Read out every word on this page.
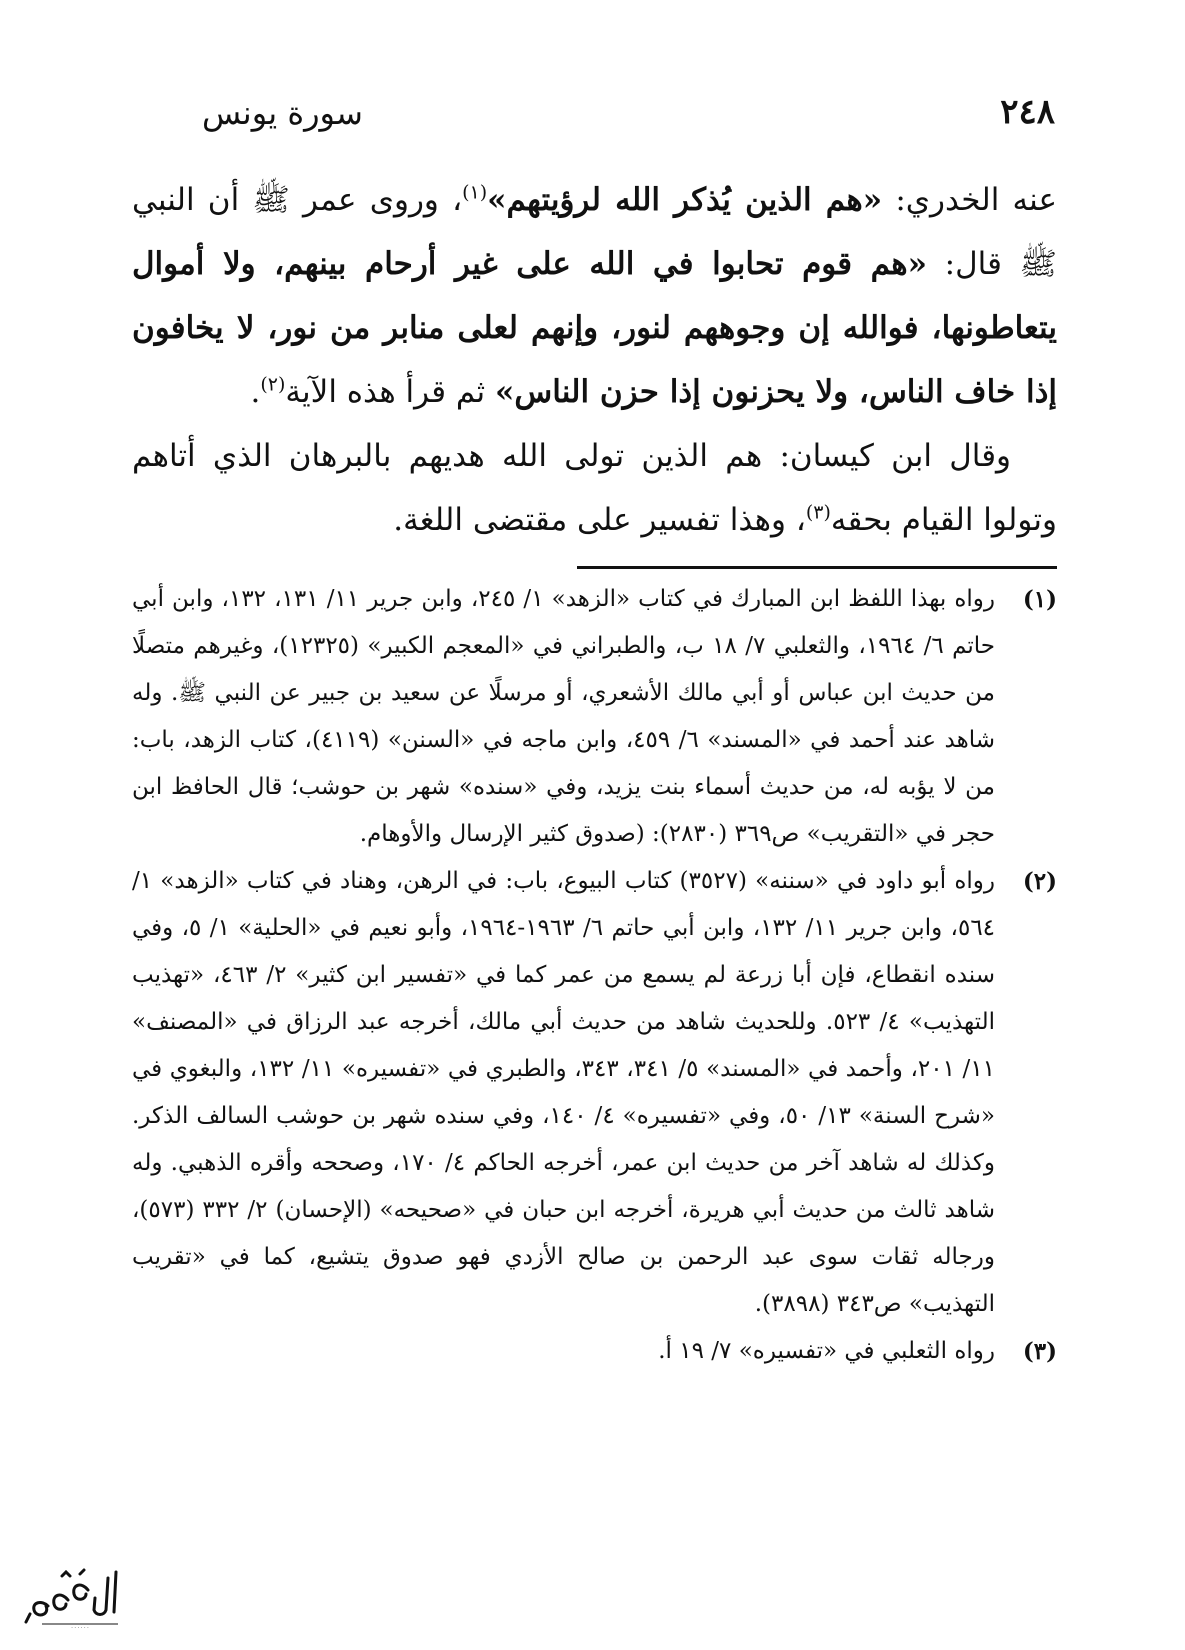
٢٤٨
سورة يونس

عنه الخدري: «هم الذين يُذكر الله لرؤيتهم»$^{(١)}$، وروى عمر ﷺ أن النبي ﷺ قال: «هم قوم تحابوا في الله على غير أرحام بينهم، ولا أموال يتعاطونها، فوالله إن وجوههم لنور، وإنهم لعلى منابر من نور، لا يخافون إذا خاف الناس، ولا يحزنون إذا حزن الناس» ثم قرأ هذه الآية$^{(٢)}$.

وقال ابن كيسان: هم الذين تولى الله هديهم بالبرهان الذي أتاهم وتولوا القيام بحقه$^{(٣)}$، وهذا تفسير على مقتضى اللغة.

(١)
رواه بهذا اللفظ ابن المبارك في كتاب «الزهد» ١/ ٢٤٥، وابن جرير ١١/ ١٣١، ١٣٢، وابن أبي حاتم ٦/ ١٩٦٤، والثعلبي ٧/ ١٨ ب، والطبراني في «المعجم الكبير» (١٢٣٢٥)، وغيرهم متصلًا من حديث ابن عباس أو أبي مالك الأشعري، أو مرسلًا عن سعيد بن جبير عن النبي ﷺ. وله شاهد عند أحمد في «المسند» ٦/ ٤٥٩، وابن ماجه في «السنن» (٤١١٩)، كتاب الزهد، باب: من لا يؤبه له، من حديث أسماء بنت يزيد، وفي «سنده» شهر بن حوشب؛ قال الحافظ ابن حجر في «التقريب» ص٣٦٩ (٢٨٣٠): (صدوق كثير الإرسال والأوهام.
(٢)
رواه أبو داود في «سننه» (٣٥٢٧) كتاب البيوع، باب: في الرهن، وهناد في كتاب «الزهد» ١/ ٥٦٤، وابن جرير ١١/ ١٣٢، وابن أبي حاتم ٦/ ١٩٦٣-١٩٦٤، وأبو نعيم في «الحلية» ١/ ٥، وفي سنده انقطاع، فإن أبا زرعة لم يسمع من عمر كما في «تفسير ابن كثير» ٢/ ٤٦٣، «تهذيب التهذيب» ٤/ ٥٢٣. وللحديث شاهد من حديث أبي مالك، أخرجه عبد الرزاق في «المصنف» ١١/ ٢٠١، وأحمد في «المسند» ٥/ ٣٤١، ٣٤٣، والطبري في «تفسيره» ١١/ ١٣٢، والبغوي في «شرح السنة» ١٣/ ٥٠، وفي «تفسيره» ٤/ ١٤٠، وفي سنده شهر بن حوشب السالف الذكر. وكذلك له شاهد آخر من حديث ابن عمر، أخرجه الحاكم ٤/ ١٧٠، وصححه وأقره الذهبي. وله شاهد ثالث من حديث أبي هريرة، أخرجه ابن حبان في «صحيحه» (الإحسان) ٢/ ٣٣٢ (٥٧٣)، ورجاله ثقات سوى عبد الرحمن بن صالح الأزدي فهو صدوق يتشيع، كما في «تقريب التهذيب» ص٣٤٣ (٣٨٩٨).
(٣)
رواه الثعلبي في «تفسيره» ٧/ ١٩ أ.
· · · · · ·
